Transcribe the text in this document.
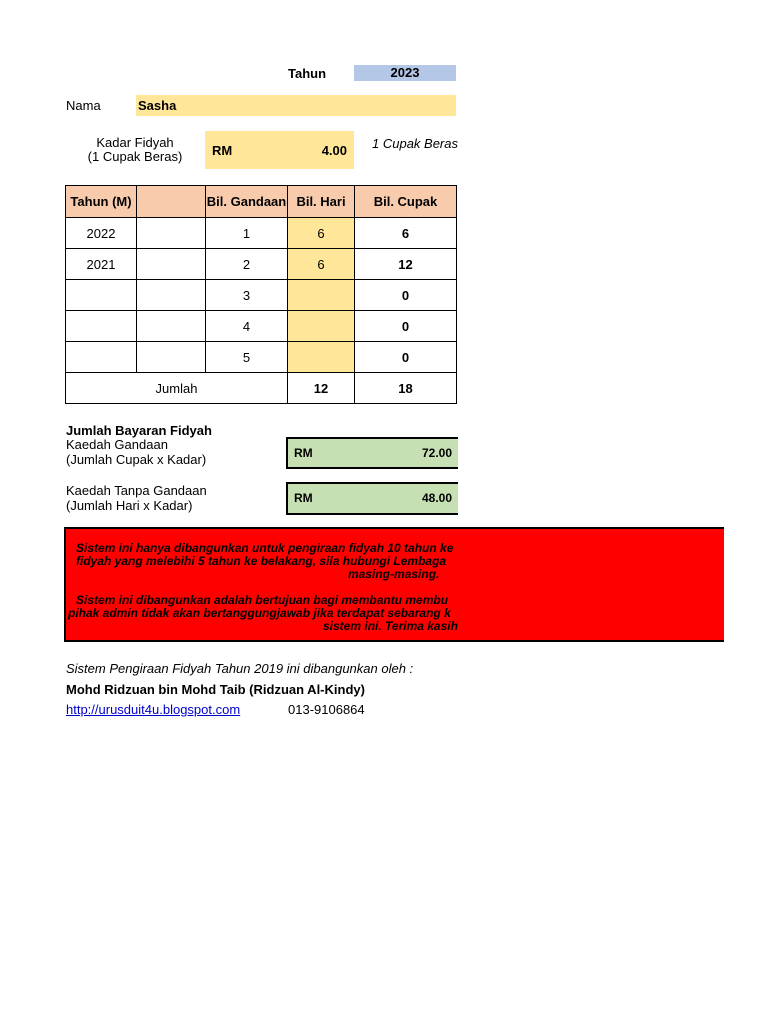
Tahun	2023
Nama	Sasha
Kadar Fidyah
(1 Cupak Beras)	RM	4.00 1 Cupak Beras
Tahun (M)		Bil. Gandaan	Bil. Hari	Bil. Cupak
2022		1	6	6
2021		2	6	12
		3		0
		4		0
		5		0
Jumlah			12	18
Jumlah Bayaran Fidyah
Kaedah Gandaan
(Jumlah Cupak x Kadar)	RM	72.00
Kaedah Tanpa Gandaan
(Jumlah Hari x Kadar)	RM	48.00
Sistem ini hanya dibangunkan untuk pengiraan fidyah 10 tahun ke
fidyah yang melebihi 5 tahun ke belakang, sila hubungi Lembaga
masing-masing.
Sistem ini dibangunkan adalah bertujuan bagi membantu membu
pihak admin tidak akan bertanggungjawab jika terdapat sebarang k
sistem ini. Terima kasih
Sistem Pengiraan Fidyah Tahun 2019 ini dibangunkan oleh :
Mohd Ridzuan bin Mohd Taib (Ridzuan Al-Kindy)
http://urusduit4u.blogspot.com	013-9106864
